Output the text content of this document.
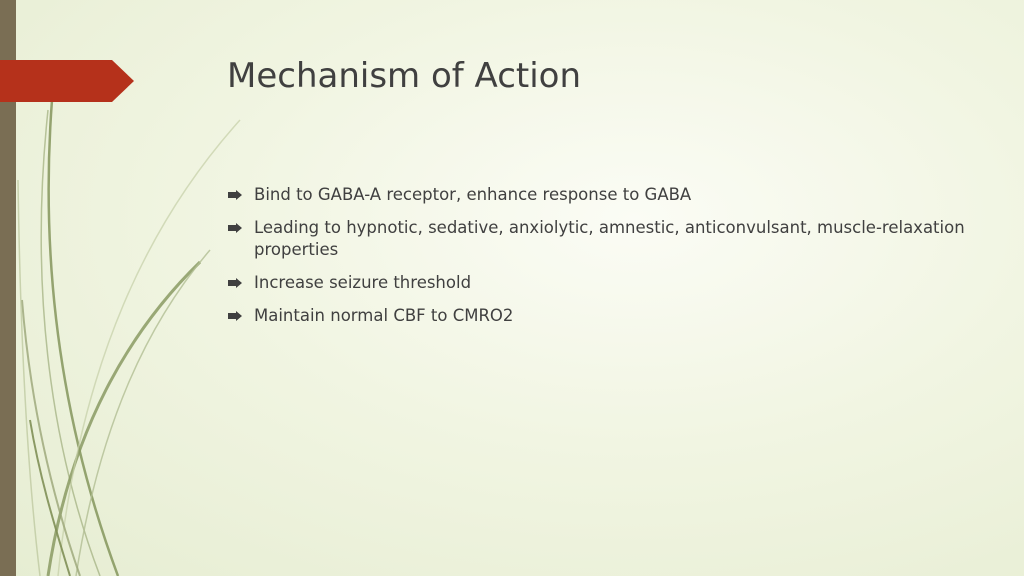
Mechanism of Action
Bind to GABA-A receptor, enhance response to GABA
Leading to hypnotic, sedative, anxiolytic, amnestic, anticonvulsant, muscle-relaxation properties
Increase seizure threshold
Maintain normal CBF to CMRO2
